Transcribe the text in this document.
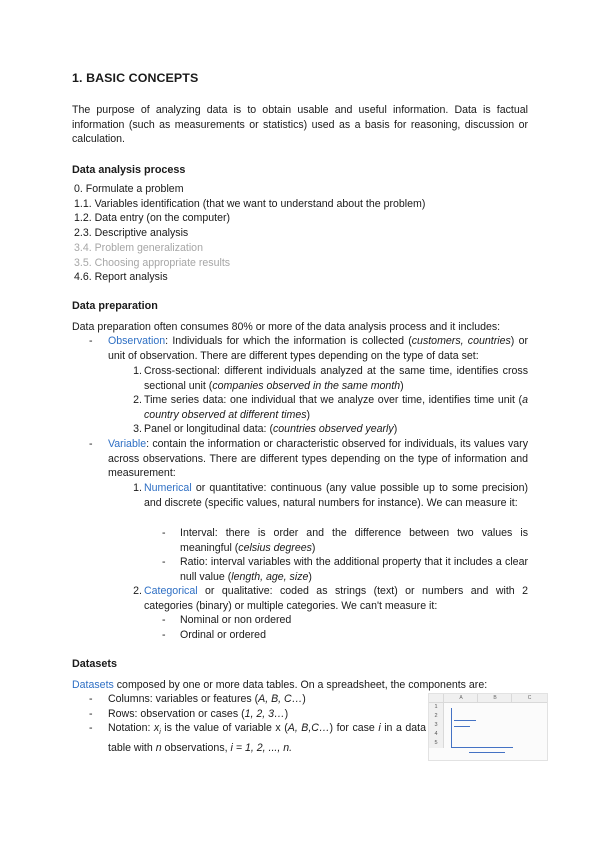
1. BASIC CONCEPTS

The purpose of analyzing data is to obtain usable and useful information. Data is factual information (such as measurements or statistics) used as a basis for reasoning, discussion or calculation.

Data analysis process
0. Formulate a problem
1.1. Variables identification (that we want to understand about the problem)
1.2. Data entry (on the computer)
2.3. Descriptive analysis
3.4. Problem generalization
3.5. Choosing appropriate results
4.6. Report analysis
Data preparation
Data preparation often consumes 80% or more of the data analysis process and it includes:
- Observation: Individuals for which the information is collected (customers, countries) or unit of observation. There are different types depending on the type of data set:
1. Cross-sectional: different individuals analyzed at the same time, identifies cross sectional unit (companies observed in the same month)
2. Time series data: one individual that we analyze over time, identifies time unit (a country observed at different times)
3. Panel or longitudinal data: (countries observed yearly)
- Variable: contain the information or characteristic observed for individuals, its values vary across observations. There are different types depending on the type of information and measurement:
1. Numerical or quantitative: continuous (any value possible up to some precision) and discrete (specific values, natural numbers for instance). We can measure it:
- Interval: there is order and the difference between two values is meaningful (celsius degrees)
- Ratio: interval variables with the additional property that it includes a clear null value (length, age, size)
2. Categorical or qualitative: coded as strings (text) or numbers and with 2 categories (binary) or multiple categories. We can't measure it:
- Nominal or non ordered
- Ordinal or ordered
Datasets
Datasets composed by one or more data tables. On a spreadsheet, the components are:
- Columns: variables or features (A, B, C…)
- Rows: observation or cases (1, 2, 3…)
- Notation: $x_i$ is the value of variable x (A, B,C…) for case i in a data table with n observations, i = 1, 2, ..., n.
A	B	C
1
2
3
4
5
